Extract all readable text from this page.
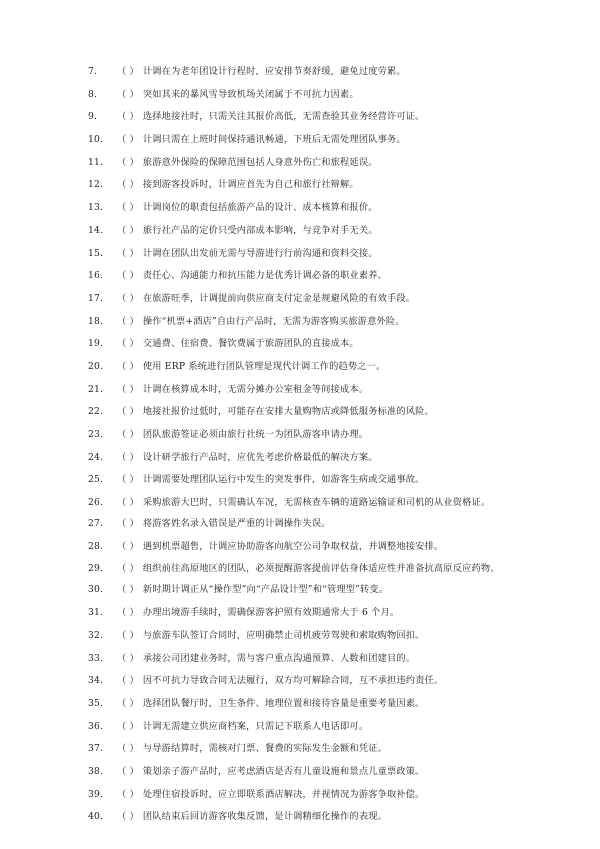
7. （ ） 计调在为老年团设计行程时，应安排节奏舒缓，避免过度劳累。
8. （ ） 突如其来的暴风雪导致机场关闭属于不可抗力因素。
9. （ ） 选择地接社时，只需关注其报价高低，无需查验其业务经营许可证。
10. （ ） 计调只需在上班时间保持通讯畅通，下班后无需处理团队事务。
11. （ ） 旅游意外保险的保障范围包括人身意外伤亡和旅程延误。
12. （ ） 接到游客投诉时，计调应首先为自己和旅行社辩解。
13. （ ） 计调岗位的职责包括旅游产品的设计、成本核算和报价。
14. （ ） 旅行社产品的定价只受内部成本影响，与竞争对手无关。
15. （ ） 计调在团队出发前无需与导游进行行前沟通和资料交接。
16. （ ） 责任心、沟通能力和抗压能力是优秀计调必备的职业素养。
17. （ ） 在旅游旺季，计调提前向供应商支付定金是规避风险的有效手段。
18. （ ） 操作“机票+酒店”自由行产品时，无需为游客购买旅游意外险。
19. （ ） 交通费、住宿费、餐饮费属于旅游团队的直接成本。
20. （ ） 使用 ERP 系统进行团队管理是现代计调工作的趋势之一。
21. （ ） 计调在核算成本时，无需分摊办公室租金等间接成本。
22. （ ） 地接社报价过低时，可能存在安排大量购物店或降低服务标准的风险。
23. （ ） 团队旅游签证必须由旅行社统一为团队游客申请办理。
24. （ ） 设计研学旅行产品时，应优先考虑价格最低的解决方案。
25. （ ） 计调需要处理团队运行中发生的突发事件，如游客生病或交通事故。
26. （ ） 采购旅游大巴时，只需确认车况，无需核查车辆的道路运输证和司机的从业资格证。
27. （ ） 将游客姓名录入错误是严重的计调操作失误。
28. （ ） 遇到机票超售，计调应协助游客向航空公司争取权益，并调整地接安排。
29. （ ） 组织前往高原地区的团队，必须提醒游客提前评估身体适应性并准备抗高原反应药物。
30. （ ） 新时期计调正从“操作型”向“产品设计型”和“管理型”转变。
31. （ ） 办理出境游手续时，需确保游客护照有效期通常大于 6 个月。
32. （ ） 与旅游车队签订合同时，应明确禁止司机疲劳驾驶和索取购物回扣。
33. （ ） 承接公司团建业务时，需与客户重点沟通预算、人数和团建目的。
34. （ ） 因不可抗力导致合同无法履行，双方均可解除合同，互不承担违约责任。
35. （ ） 选择团队餐厅时，卫生条件、地理位置和接待容量是重要考量因素。
36. （ ） 计调无需建立供应商档案，只需记下联系人电话即可。
37. （ ） 与导游结算时，需核对门票、餐费的实际发生金额和凭证。
38. （ ） 策划亲子游产品时，应考虑酒店是否有儿童设施和景点儿童票政策。
39. （ ） 处理住宿投诉时，应立即联系酒店解决，并视情况为游客争取补偿。
40. （ ） 团队结束后回访游客收集反馈，是计调精细化操作的表现。
